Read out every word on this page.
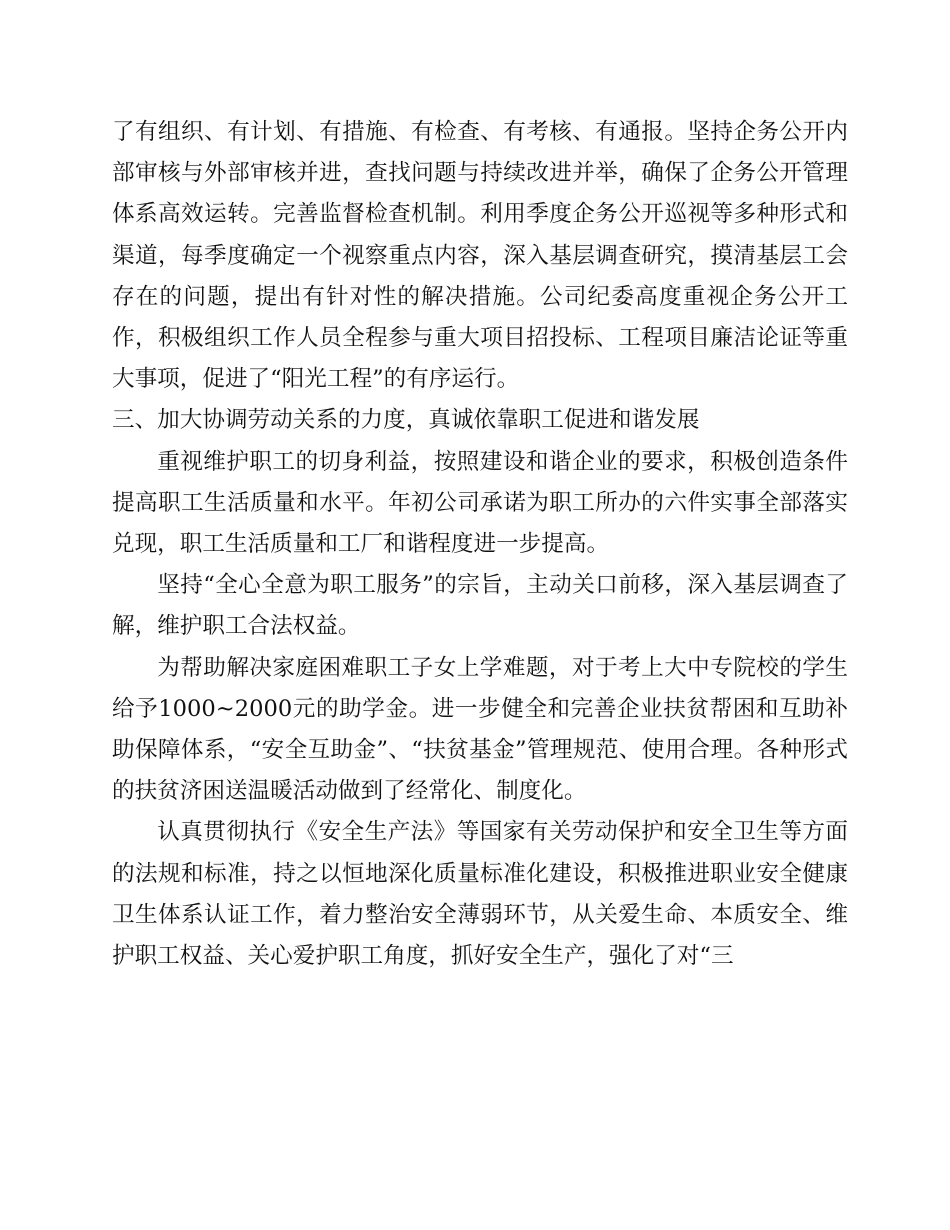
了有组织、有计划、有措施、有检查、有考核、有通报。坚持企务公开内部审核与外部审核并进，查找问题与持续改进并举，确保了企务公开管理体系高效运转。完善监督检查机制。利用季度企务公开巡视等多种形式和渠道，每季度确定一个视察重点内容，深入基层调查研究，摸清基层工会存在的问题，提出有针对性的解决措施。公司纪委高度重视企务公开工作，积极组织工作人员全程参与重大项目招投标、工程项目廉洁论证等重大事项，促进了“阳光工程”的有序运行。

三、加大协调劳动关系的力度，真诚依靠职工促进和谐发展

重视维护职工的切身利益，按照建设和谐企业的要求，积极创造条件提高职工生活质量和水平。年初公司承诺为职工所办的六件实事全部落实兑现，职工生活质量和工厂和谐程度进一步提高。

坚持“全心全意为职工服务”的宗旨，主动关口前移，深入基层调查了解，维护职工合法权益。

为帮助解决家庭困难职工子女上学难题，对于考上大中专院校的学生给予1000~2000元的助学金。进一步健全和完善企业扶贫帮困和互助补助保障体系，“安全互助金”、“扶贫基金”管理规范、使用合理。各种形式的扶贫济困送温暖活动做到了经常化、制度化。

认真贯彻执行《安全生产法》等国家有关劳动保护和安全卫生等方面的法规和标准，持之以恒地深化质量标准化建设，积极推进职业安全健康卫生体系认证工作，着力整治安全薄弱环节，从关爱生命、本质安全、维护职工权益、关心爱护职工角度，抓好安全生产，强化了对“三
